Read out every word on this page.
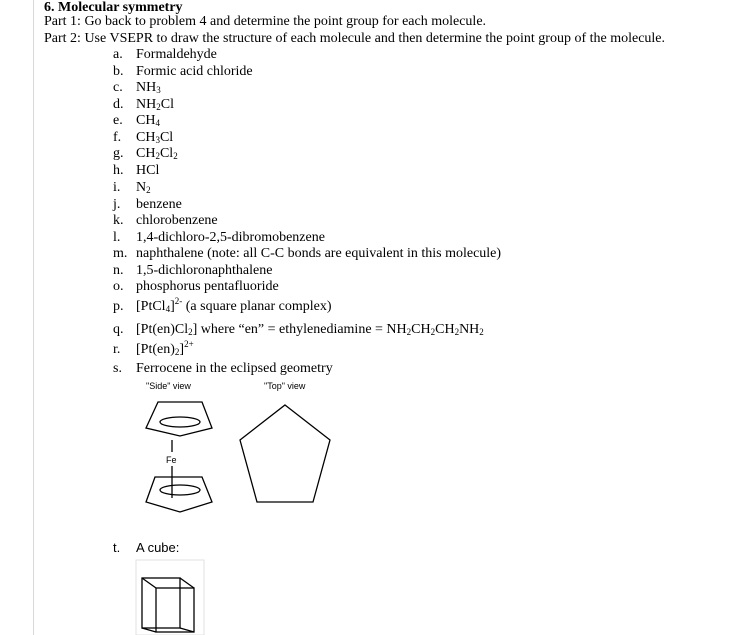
6. Molecular symmetry
Part 1: Go back to problem 4 and determine the point group for each molecule.
Part 2: Use VSEPR to draw the structure of each molecule and then determine the point group of the molecule.
a. Formaldehyde
b. Formic acid chloride
c. $NH_3$
d. $NH_2Cl$
e. $CH_4$
f. $CH_3Cl$
g. $CH_2Cl_2$
h. HCl
i. $N_2$
j. benzene
k. chlorobenzene
l. 1,4-dichloro-2,5-dibromobenzene
m. naphthalene (note: all C-C bonds are equivalent in this molecule)
n. 1,5-dichloronaphthalene
o. phosphorus pentafluoride
p. [PtCl$_4$]$^{2-}$ (a square planar complex)
q. $[Pt(en)Cl_2]$ where “en” = ethylenediamine = $NH_2CH_2CH_2NH_2$
r. $[Pt(en)_2]^{2+}$
s. Ferrocene in the eclipsed geometry
"Side" view	"Top" view
Fe
t. A cube:
